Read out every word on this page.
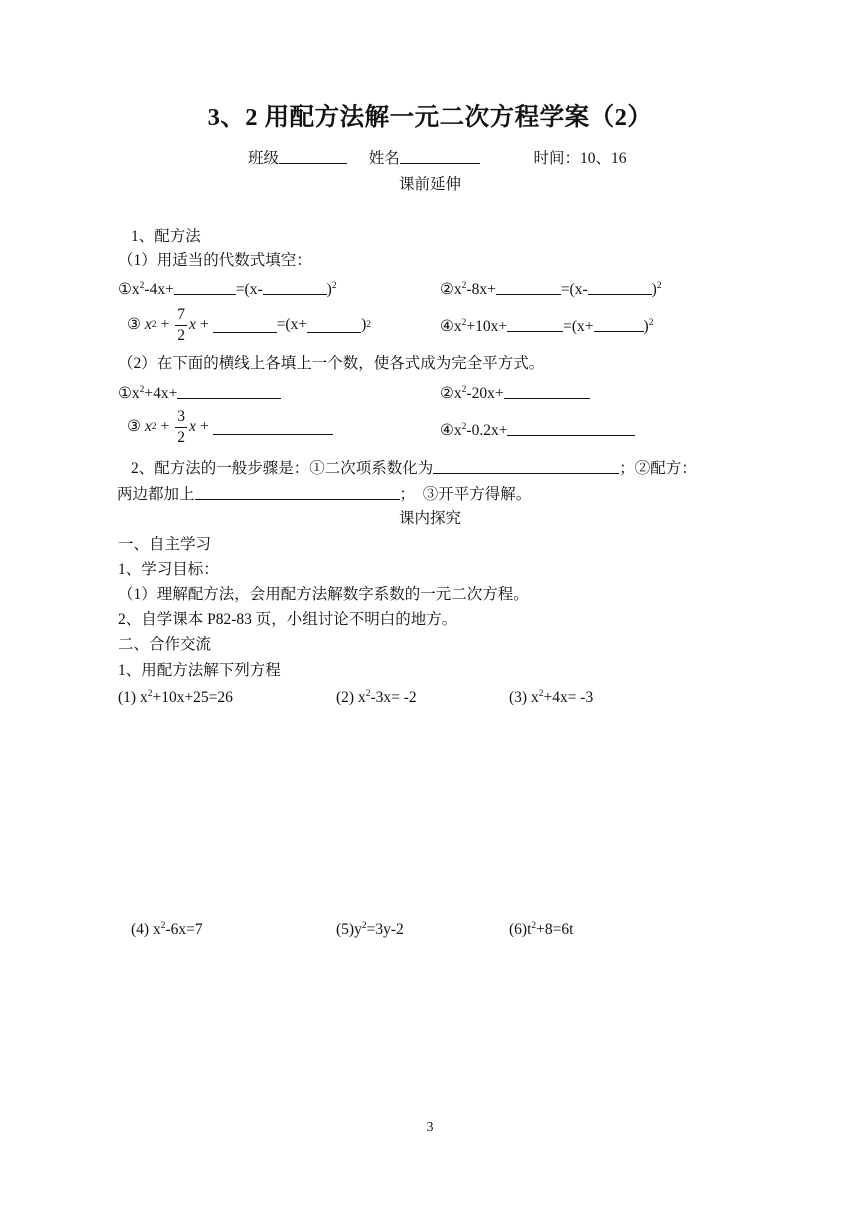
3、2 用配方法解一元二次方程学案（2）
班级	姓名	时间：10、16
课前延伸
1、配方法
（1）用适当的代数式填空：
$①x^2-4x+$	=(x-	)$^2$	$②x^2-8x+$	=(x-	)$^2$
③ x $2 + \frac{7}{2}$ x +	=(x+	) 2	$④x^2+10x+$	=(x+	)$^2$
（2）在下面的横线上各填上一个数，使各式成为完全平方式。
$①x^2+4x+$	$②x^2-20x+$
③ x $2 + \frac{3}{2}$ x +	$④x^2-0.2x+$
2、配方法的一般步骤是：①二次项系数化为	；②配方：
两边都加上	；　③开平方得解。
课内探究
一、自主学习
1、学习目标：
（1）理解配方法，会用配方法解数字系数的一元二次方程。
2、自学课本 P82-83 页，小组讨论不明白的地方。
二、合作交流
1、用配方法解下列方程
(1) $x^2+10x+25=26$	(2) $x^2-3x= -2$	(3) $x^2+4x= -3$
(4) $x^2-6x=7$	$(5)y^2=3y-2$	$(6)t^2+8=6t$
3
